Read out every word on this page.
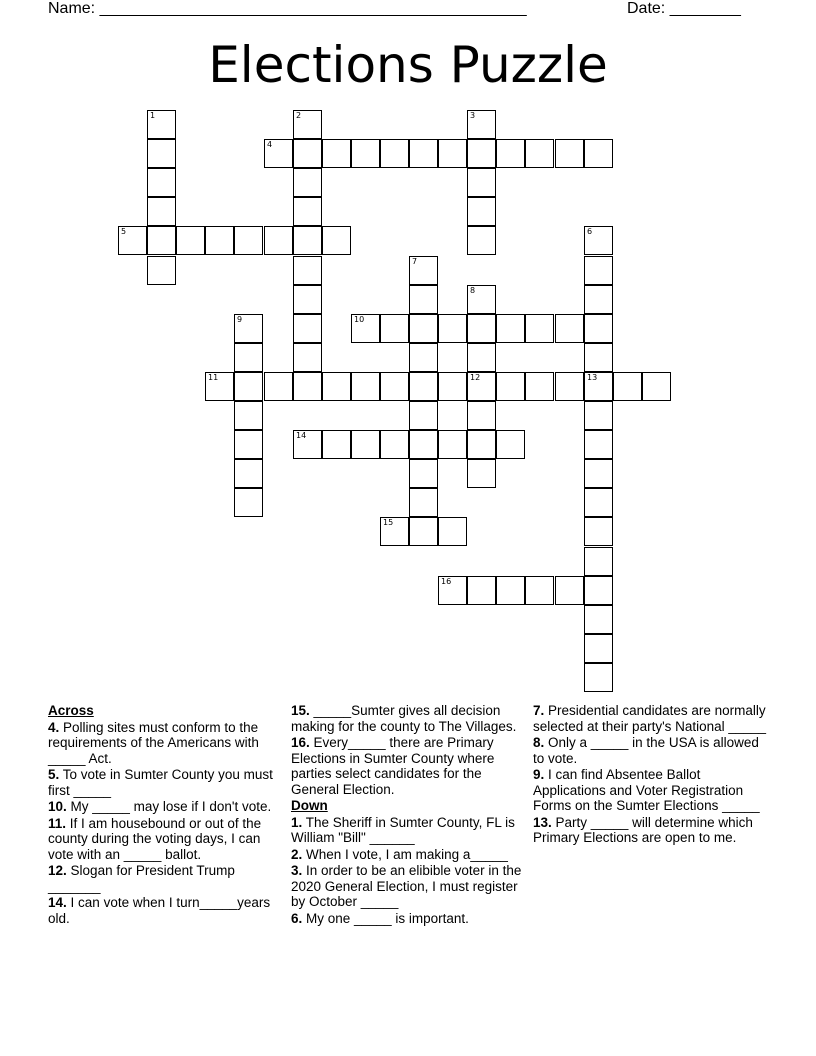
Name: ________________________________________________	Date: ________
Elections Puzzle
4
5
10
11	12	13
14
15
16
1	2	3
6
7
8
9
Across
4. Polling sites must conform to the requirements of the Americans with _____ Act.
5. To vote in Sumter County you must first _____
10. My _____ may lose if I don't vote.
11. If I am housebound or out of the county during the voting days, I can vote with an _____ ballot.
12. Slogan for President Trump _______
14. I can vote when I turn_____years old.
15. _____Sumter gives all decision making for the county to The Villages.
16. Every_____ there are Primary Elections in Sumter County where parties select candidates for the General Election.
Down
1. The Sheriff in Sumter County, FL is William "Bill" ______
2. When I vote, I am making a_____
3. In order to be an elibible voter in the 2020 General Election, I must register by October _____
6. My one _____ is important.
7. Presidential candidates are normally selected at their party's National _____
8. Only a _____ in the USA is allowed to vote.
9. I can find Absentee Ballot Applications and Voter Registration Forms on the Sumter Elections _____
13. Party _____ will determine which Primary Elections are open to me.
